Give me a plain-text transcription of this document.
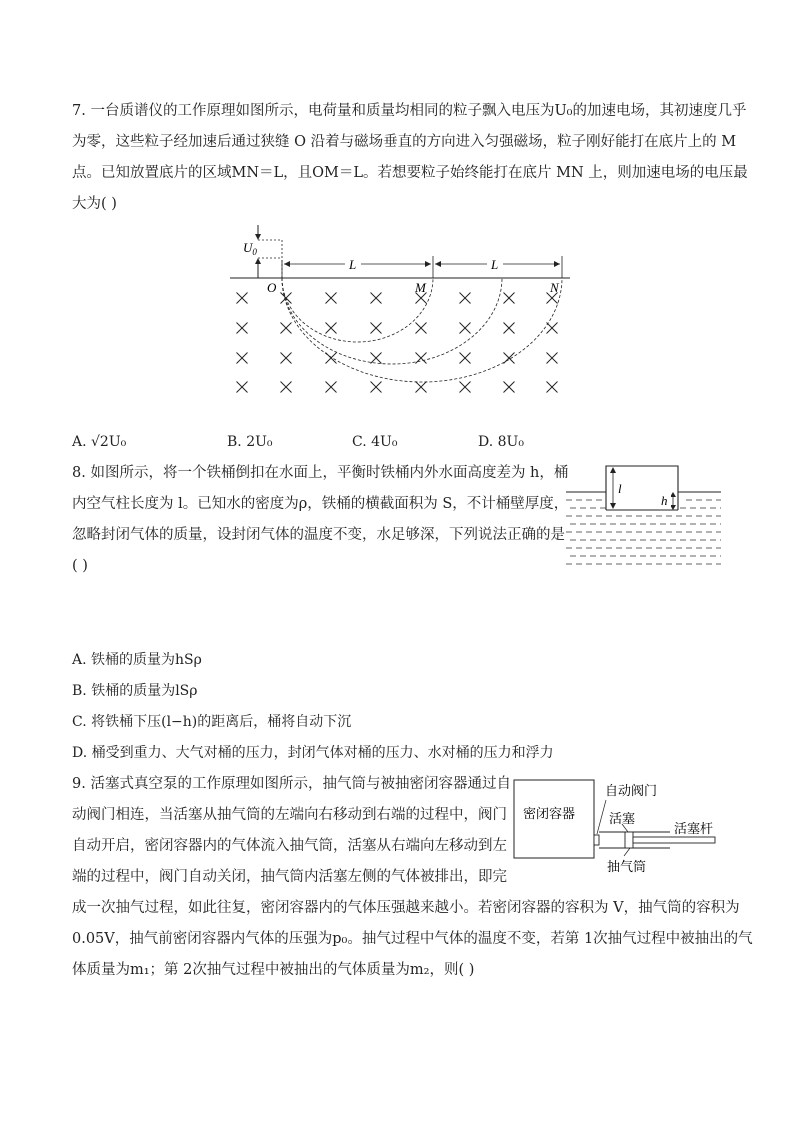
7. 一台质谱仪的工作原理如图所示，电荷量和质量均相同的粒子飘入电压为U₀的加速电场，其初速度几乎
为零，这些粒子经加速后通过狭缝 O 沿着与磁场垂直的方向进入匀强磁场，粒子刚好能打在底片上的 M
点。已知放置底片的区域MN＝L，且OM＝L。若想要粒子始终能打在底片 MN 上，则加速电场的电压最
大为( )
$U_0$
L	L
O	M	N
A. √2U₀	B. 2U₀	C. 4U₀	D. 8U₀
8. 如图所示，将一个铁桶倒扣在水面上，平衡时铁桶内外水面高度差为 h，桶
内空气柱长度为 l。已知水的密度为ρ，铁桶的横截面积为 S，不计桶壁厚度，
忽略封闭气体的质量，设封闭气体的温度不变，水足够深，下列说法正确的是
( )
l
h
A. 铁桶的质量为hSρ
B. 铁桶的质量为lSρ
C. 将铁桶下压(l−h)的距离后，桶将自动下沉
D. 桶受到重力、大气对桶的压力，封闭气体对桶的压力、水对桶的压力和浮力
9. 活塞式真空泵的工作原理如图所示，抽气筒与被抽密闭容器通过自
动阀门相连，当活塞从抽气筒的左端向右移动到右端的过程中，阀门
自动开启，密闭容器内的气体流入抽气筒，活塞从右端向左移动到左
端的过程中，阀门自动关闭，抽气筒内活塞左侧的气体被排出，即完
成一次抽气过程，如此往复，密闭容器内的气体压强越来越小。若密闭容器的容积为 V，抽气筒的容积为
0.05V，抽气前密闭容器内气体的压强为p₀。抽气过程中气体的温度不变，若第 1次抽气过程中被抽出的气
体质量为m₁；第 2次抽气过程中被抽出的气体质量为m₂，则( )
密闭容器
自动阀门
活塞
活塞杆
抽气筒
